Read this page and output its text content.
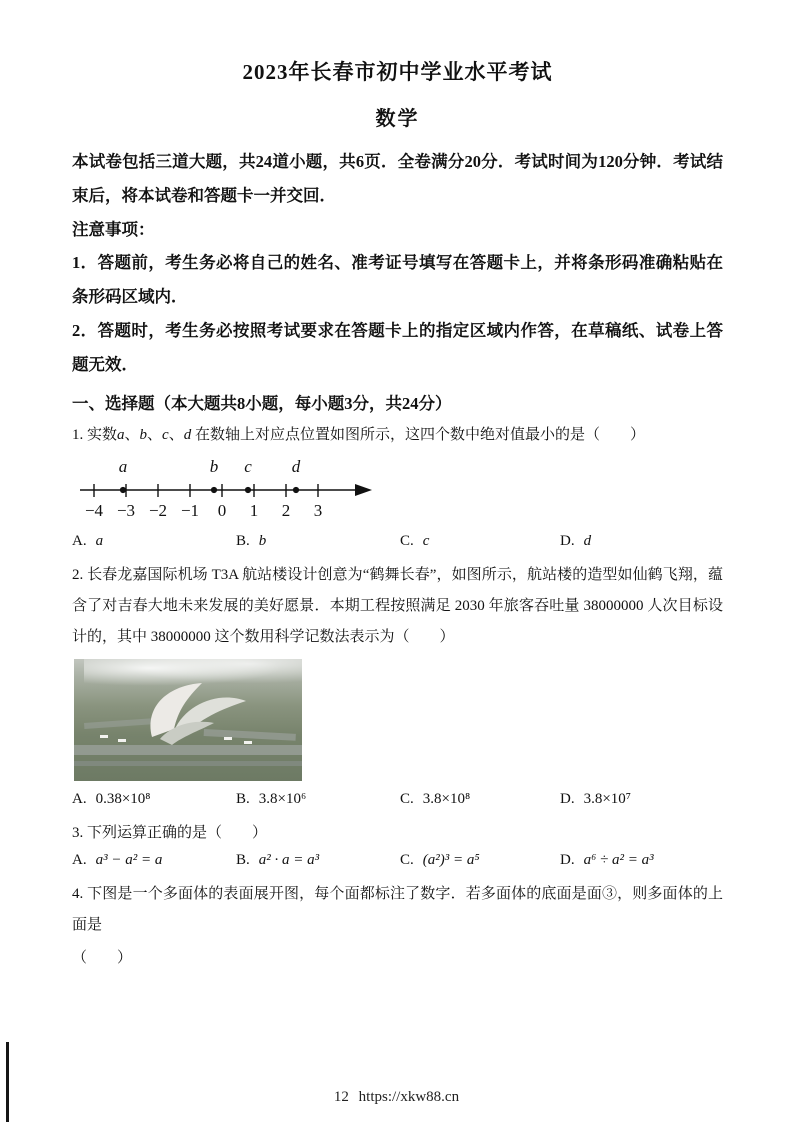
2023年长春市初中学业水平考试
数学

本试卷包括三道大题，共24道小题，共6页．全卷满分20分．考试时间为120分钟．考试结束后，将本试卷和答题卡一并交回．

注意事项：

1．答题前，考生务必将自己的姓名、准考证号填写在答题卡上，并将条形码准确粘贴在条形码区域内．

2．答题时，考生务必按照考试要求在答题卡上的指定区域内作答，在草稿纸、试卷上答题无效．

一、选择题（本大题共8小题，每小题3分，共24分）

1. 实数a、b、c、d 在数轴上对应点位置如图所示，这四个数中绝对值最小的是（　　）

−4 −3 −2 −1 0 1 2 3
a	b c d
A. a	B. b	C. c	D. d

2. 长春龙嘉国际机场 T3A 航站楼设计创意为“鹤舞长春”，如图所示，航站楼的造型如仙鹤飞翔，蕴含了对吉春大地未来发展的美好愿景．本期工程按照满足 2030 年旅客吞吐量 38000000 人次目标设计的，其中 38000000 这个数用科学记数法表示为（　　）

A. 0.38×10⁸	B. 3.8×10⁶	C. 3.8×10⁸	D. 3.8×10⁷

3. 下列运算正确的是（　　）

A. a³ − a² = a	B. a² · a = a³	C. (a²)³ = a⁵	D. a⁶ ÷ a² = a³

4. 下图是一个多面体的表面展开图，每个面都标注了数字．若多面体的底面是面③，则多面体的上面是

（　　）

12 https://xkw88.cn
